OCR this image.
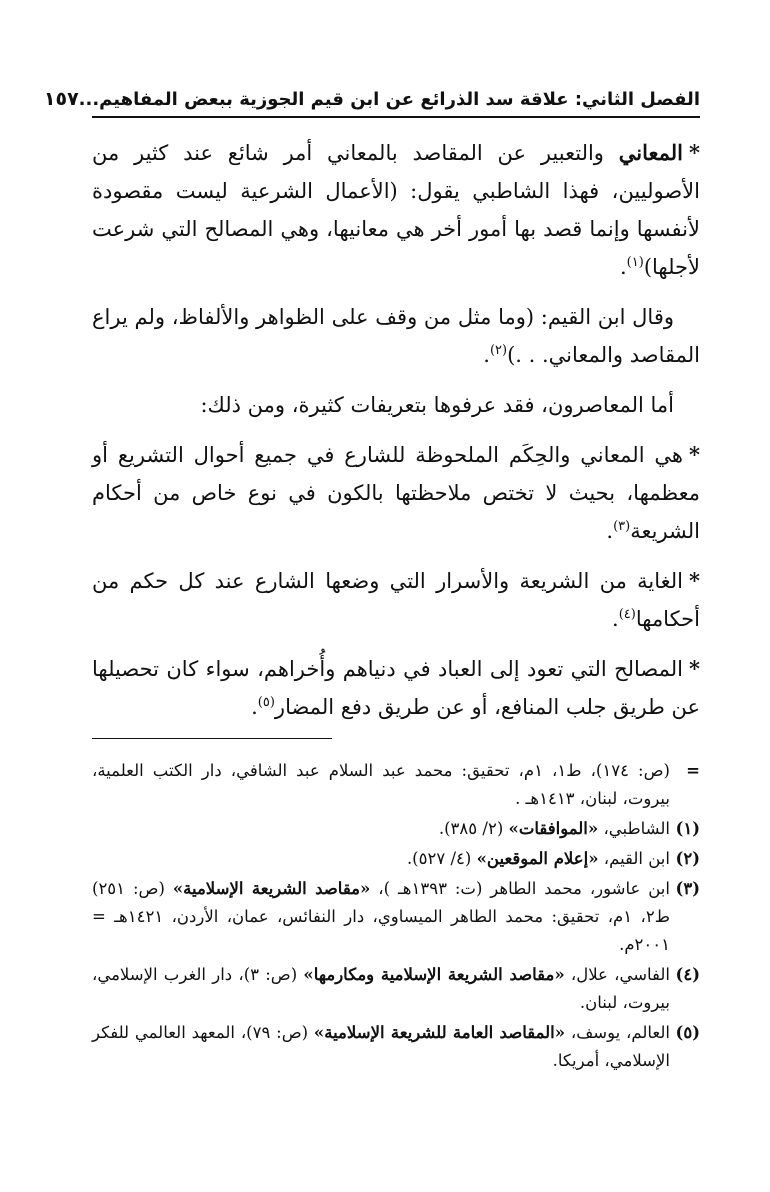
الفصل الثاني: علاقة سد الذرائع عن ابن قيم الجوزية ببعض المفاهيم...
١٥٧

*المعاني والتعبير عن المقاصد بالمعاني أمر شائع عند كثير من الأصوليين، فهذا الشاطبي يقول: (الأعمال الشرعية ليست مقصودة لأنفسها وإنما قصد بها أمور أخر هي معانيها، وهي المصالح التي شرعت لأجلها)$^{(١)}$.

وقال ابن القيم: (وما مثل من وقف على الظواهر والألفاظ، ولم يراع المقاصد والمعاني. . .)$^{(٢)}$.

أما المعاصرون، فقد عرفوها بتعريفات كثيرة، ومن ذلك:

*هي المعاني والحِكَم الملحوظة للشارع في جميع أحوال التشريع أو معظمها، بحيث لا تختص ملاحظتها بالكون في نوع خاص من أحكام الشريعة$^{(٣)}$.

*الغاية من الشريعة والأسرار التي وضعها الشارع عند كل حكم من أحكامها$^{(٤)}$.

*المصالح التي تعود إلى العباد في دنياهم وأُخراهم، سواء كان تحصيلها عن طريق جلب المنافع، أو عن طريق دفع المضار$^{(٥)}$.

=
(ص: ١٧٤)، ط١، ١م، تحقيق: محمد عبد السلام عبد الشافي، دار الكتب العلمية، بيروت، لبنان، ١٤١٣هـ .
(١)
الشاطبي، «الموافقات» (٢/ ٣٨٥).
(٢)
ابن القيم، «إعلام الموقعين» (٤/ ٥٢٧).
(٣)
ابن عاشور، محمد الطاهر (ت: ١٣٩٣هـ )، «مقاصد الشريعة الإسلامية» (ص: ٢٥١) ط٢، ١م، تحقيق: محمد الطاهر الميساوي، دار النفائس، عمان، الأردن، ١٤٢١هـ = ٢٠٠١م.
(٤)
الفاسي، علال، «مقاصد الشريعة الإسلامية ومكارمها» (ص: ٣)، دار الغرب الإسلامي، بيروت، لبنان.
(٥)
العالم، يوسف، «المقاصد العامة للشريعة الإسلامية» (ص: ٧٩)، المعهد العالمي للفكر الإسلامي، أمريكا.
